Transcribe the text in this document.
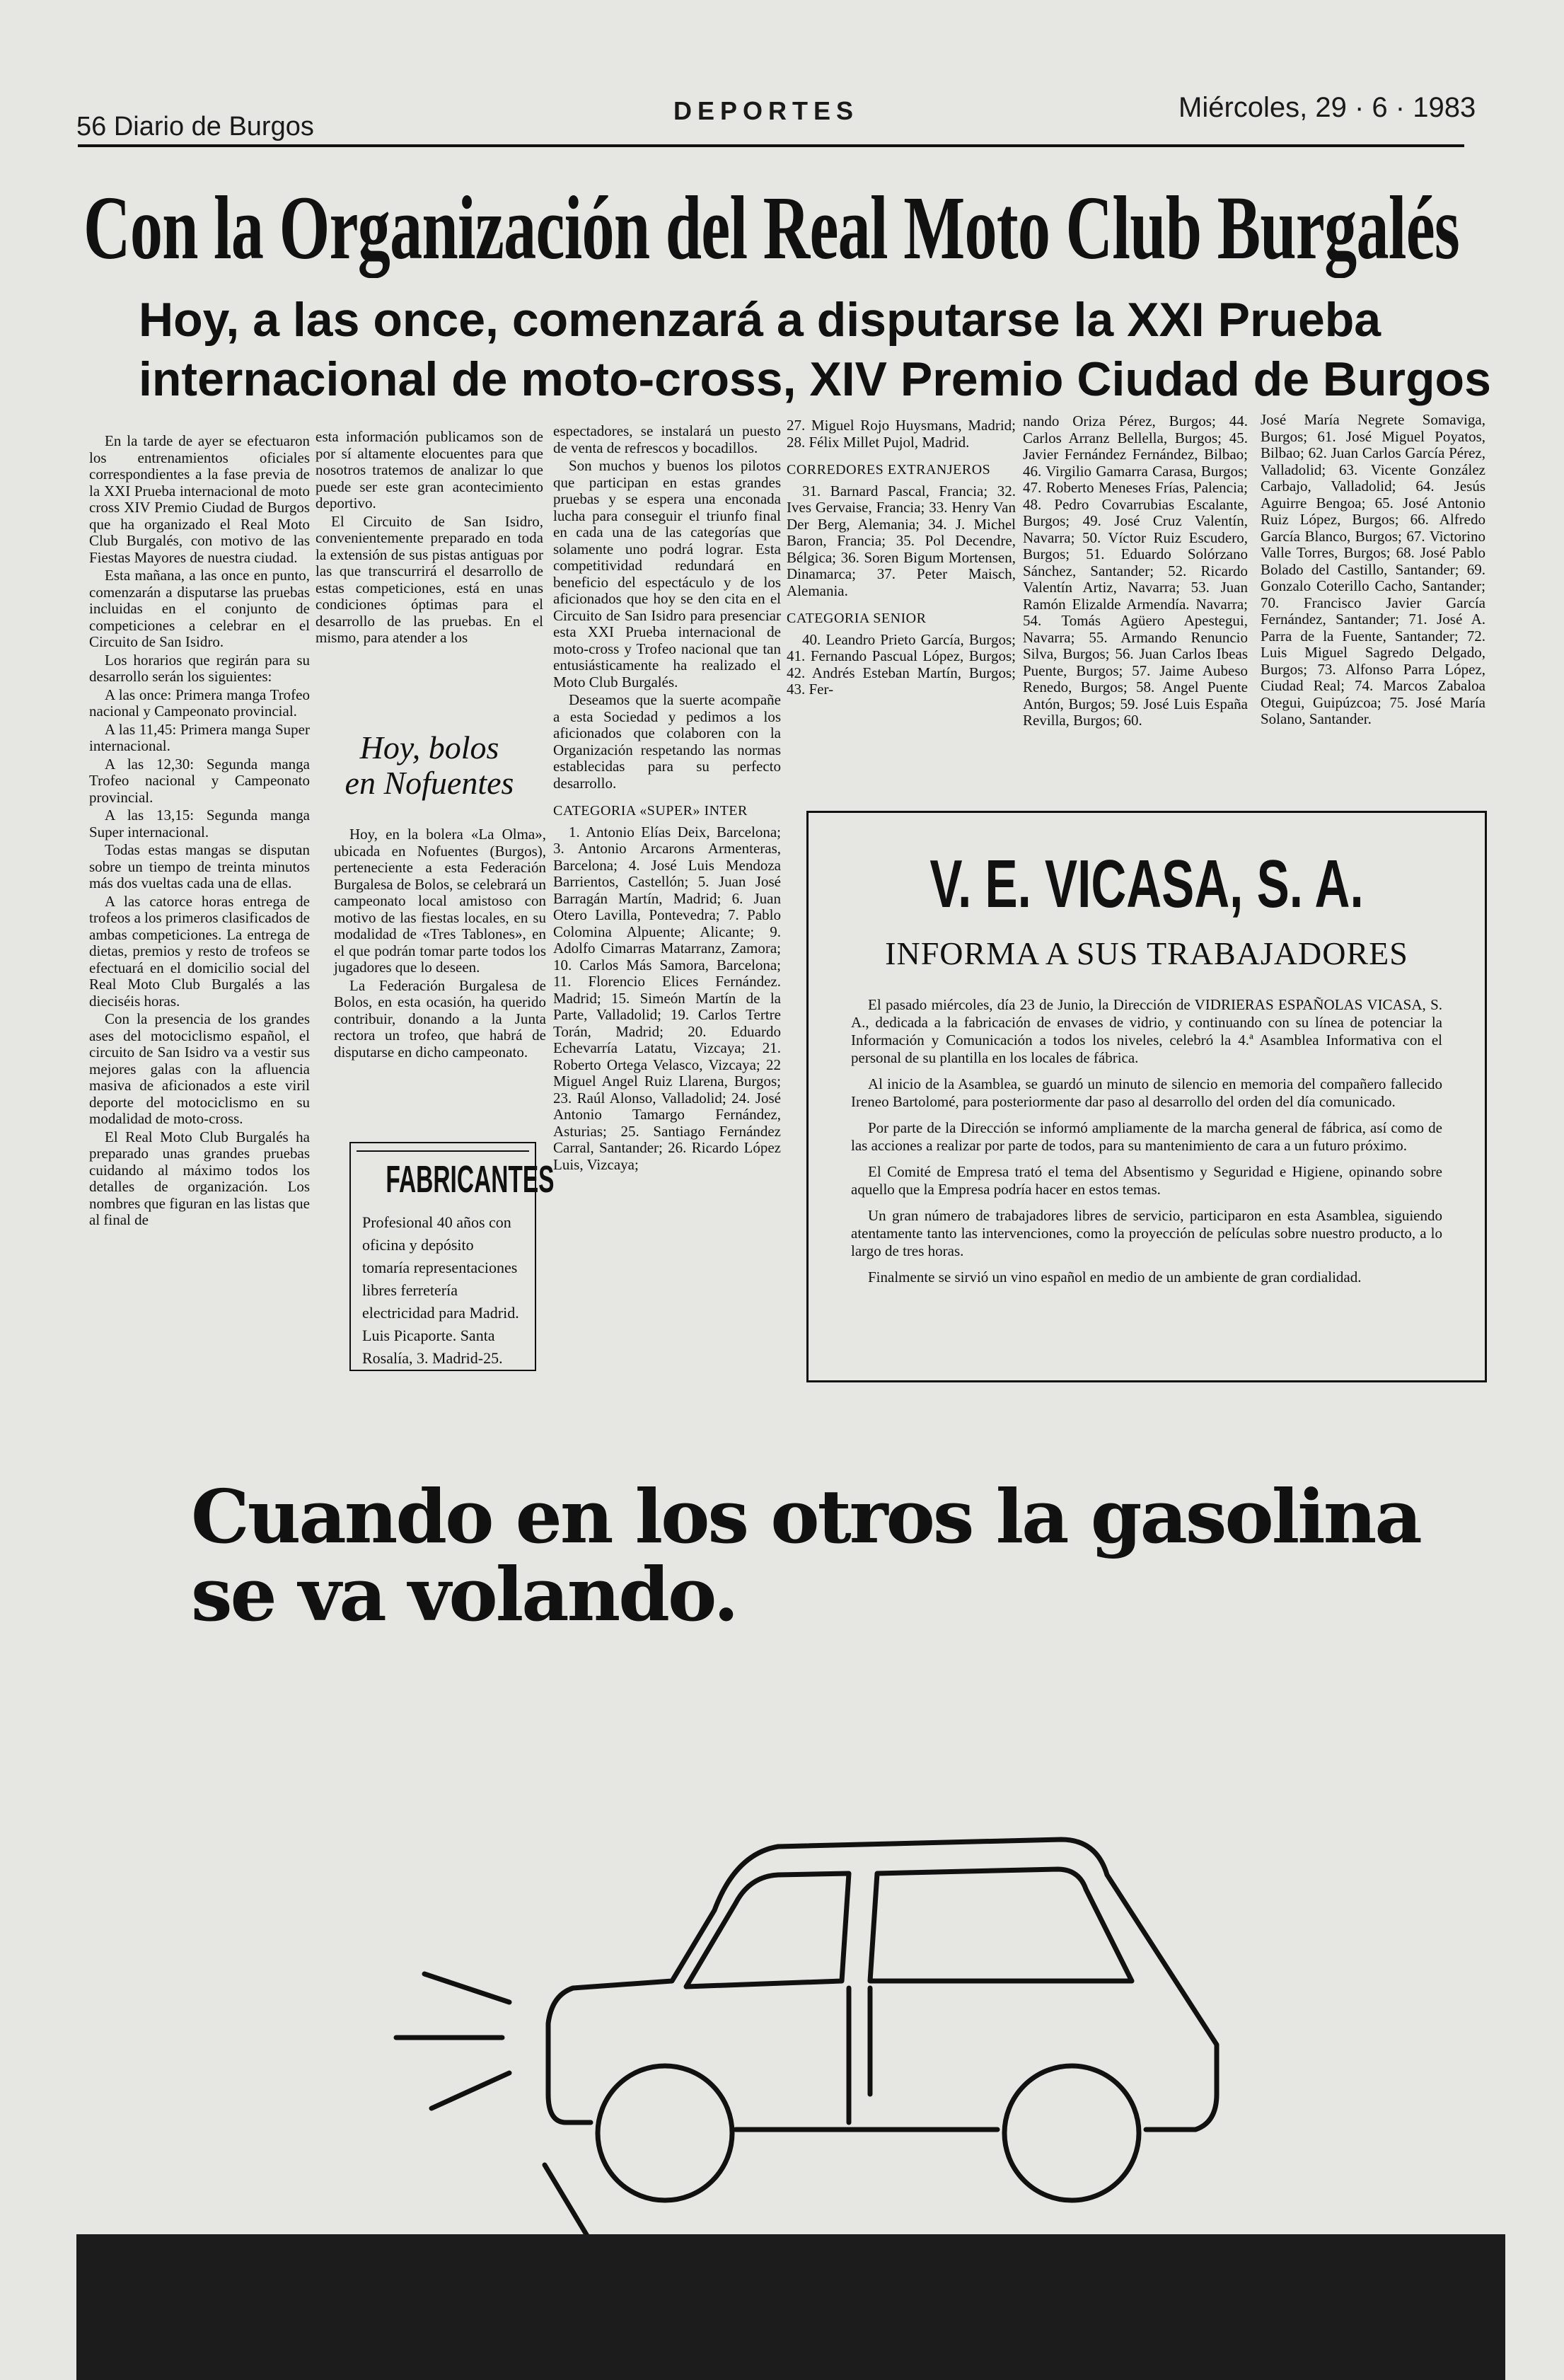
56 Diario de Burgos
DEPORTES	Miércoles, 29 · 6 · 1983
Con la Organización del Real Moto Club Burgalés
Hoy, a las once, comenzará a disputarse la XXI Prueba
internacional de moto-cross, XIV Premio Ciudad de Burgos

En la tarde de ayer se efectuaron los entrenamientos oficiales correspondientes a la fase previa de la XXI Prueba internacional de moto cross XIV Premio Ciudad de Burgos que ha organizado el Real Moto Club Burgalés, con motivo de las Fiestas Mayores de nuestra ciudad.

Esta mañana, a las once en punto, comenzarán a disputarse las pruebas incluidas en el conjunto de competiciones a celebrar en el Circuito de San Isidro.

Los horarios que regirán para su desarrollo serán los siguientes:

A las once: Primera manga Trofeo nacional y Campeonato provincial.

A las 11,45: Primera manga Super internacional.

A las 12,30: Segunda manga Trofeo nacional y Campeonato provincial.

A las 13,15: Segunda manga Super internacional.

Todas estas mangas se disputan sobre un tiempo de treinta minutos más dos vueltas cada una de ellas.

A las catorce horas entrega de trofeos a los primeros clasificados de ambas competiciones. La entrega de dietas, premios y resto de trofeos se efectuará en el domicilio social del Real Moto Club Burgalés a las dieciséis horas.

Con la presencia de los grandes ases del motociclismo español, el circuito de San Isidro va a vestir sus mejores galas con la afluencia masiva de aficionados a este viril deporte del motociclismo en su modalidad de moto-cross.

El Real Moto Club Burgalés ha preparado unas grandes pruebas cuidando al máximo todos los detalles de organización. Los nombres que figuran en las listas que al final de

esta información publicamos son de por sí altamente elocuentes para que nosotros tratemos de analizar lo que puede ser este gran acontecimiento deportivo.

El Circuito de San Isidro, convenientemente preparado en toda la extensión de sus pistas antiguas por las que transcurrirá el desarrollo de estas competiciones, está en unas condiciones óptimas para el desarrollo de las pruebas. En el mismo, para atender a los

Hoy, bolos
en Nofuentes

Hoy, en la bolera «La Olma», ubicada en Nofuentes (Burgos), perteneciente a esta Federación Burgalesa de Bolos, se celebrará un campeonato local amistoso con motivo de las fiestas locales, en su modalidad de «Tres Tablones», en el que podrán tomar parte todos los jugadores que lo deseen.

La Federación Burgalesa de Bolos, en esta ocasión, ha querido contribuir, donando a la Junta rectora un trofeo, que habrá de disputarse en dicho campeonato.

FABRICANTES
Profesional 40 años con oficina y depósito tomaría representaciones libres ferretería electricidad para Madrid. Luis Picaporte. Santa Rosalía, 3. Madrid-25.

espectadores, se instalará un puesto de venta de refrescos y bocadillos.

Son muchos y buenos los pilotos que participan en estas grandes pruebas y se espera una enconada lucha para conseguir el triunfo final en cada una de las categorías que solamente uno podrá lograr. Esta competitividad redundará en beneficio del espectáculo y de los aficionados que hoy se den cita en el Circuito de San Isidro para presenciar esta XXI Prueba internacional de moto-cross y Trofeo nacional que tan entusiásticamente ha realizado el Moto Club Burgalés.

Deseamos que la suerte acompañe a esta Sociedad y pedimos a los aficionados que colaboren con la Organización respetando las normas establecidas para su perfecto desarrollo.

CATEGORIA «SUPER» INTER

1. Antonio Elías Deix, Barcelona; 3. Antonio Arcarons Armenteras, Barcelona; 4. José Luis Mendoza Barrientos, Castellón; 5. Juan José Barragán Martín, Madrid; 6. Juan Otero Lavilla, Pontevedra; 7. Pablo Colomina Alpuente; Alicante; 9. Adolfo Cimarras Matarranz, Zamora; 10. Carlos Más Samora, Barcelona; 11. Florencio Elices Fernández. Madrid; 15. Simeón Martín de la Parte, Valladolid; 19. Carlos Tertre Torán, Madrid; 20. Eduardo Echevarría Latatu, Vizcaya; 21. Roberto Ortega Velasco, Vizcaya; 22 Miguel Angel Ruiz Llarena, Burgos; 23. Raúl Alonso, Valladolid; 24. José Antonio Tamargo Fernández, Asturias; 25. Santiago Fernández Carral, Santander; 26. Ricardo López Luis, Vizcaya;

27. Miguel Rojo Huysmans, Madrid; 28. Félix Millet Pujol, Madrid.

CORREDORES EXTRANJEROS

31. Barnard Pascal, Francia; 32. Ives Gervaise, Francia; 33. Henry Van Der Berg, Alemania; 34. J. Michel Baron, Francia; 35. Pol Decendre, Bélgica; 36. Soren Bigum Mortensen, Dinamarca; 37. Peter Maisch, Alemania.

CATEGORIA SENIOR

40. Leandro Prieto García, Burgos; 41. Fernando Pascual López, Burgos; 42. Andrés Esteban Martín, Burgos; 43. Fer-

nando Oriza Pérez, Burgos; 44. Carlos Arranz Bellella, Burgos; 45. Javier Fernández Fernández, Bilbao; 46. Virgilio Gamarra Carasa, Burgos; 47. Roberto Meneses Frías, Palencia; 48. Pedro Covarrubias Escalante, Burgos; 49. José Cruz Valentín, Navarra; 50. Víctor Ruiz Escudero, Burgos; 51. Eduardo Solórzano Sánchez, Santander; 52. Ricardo Valentín Artiz, Navarra; 53. Juan Ramón Elizalde Armendía. Navarra; 54. Tomás Agüero Apestegui, Navarra; 55. Armando Renuncio Silva, Burgos; 56. Juan Carlos Ibeas Puente, Burgos; 57. Jaime Aubeso Renedo, Burgos; 58. Angel Puente Antón, Burgos; 59. José Luis España Revilla, Burgos; 60.

José María Negrete Somaviga, Burgos; 61. José Miguel Poyatos, Bilbao; 62. Juan Carlos García Pérez, Valladolid; 63. Vicente González Carbajo, Valladolid; 64. Jesús Aguirre Bengoa; 65. José Antonio Ruiz López, Burgos; 66. Alfredo García Blanco, Burgos; 67. Victorino Valle Torres, Burgos; 68. José Pablo Bolado del Castillo, Santander; 69. Gonzalo Coterillo Cacho, Santander; 70. Francisco Javier García Fernández, Santander; 71. José A. Parra de la Fuente, Santander; 72. Luis Miguel Sagredo Delgado, Burgos; 73. Alfonso Parra López, Ciudad Real; 74. Marcos Zabaloa Otegui, Guipúzcoa; 75. José María Solano, Santander.

V. E. VICASA, S. A.
INFORMA A SUS TRABAJADORES

El pasado miércoles, día 23 de Junio, la Dirección de VIDRIERAS ESPAÑOLAS VICASA, S. A., dedicada a la fabricación de envases de vidrio, y continuando con su línea de potenciar la Información y Comunicación a todos los niveles, celebró la 4.ª Asamblea Informativa con el personal de su plantilla en los locales de fábrica.

Al inicio de la Asamblea, se guardó un minuto de silencio en memoria del compañero fallecido Ireneo Bartolomé, para posteriormente dar paso al desarrollo del orden del día comunicado.

Por parte de la Dirección se informó ampliamente de la marcha general de fábrica, así como de las acciones a realizar por parte de todos, para su mantenimiento de cara a un futuro próximo.

El Comité de Empresa trató el tema del Absentismo y Seguridad e Higiene, opinando sobre aquello que la Empresa podría hacer en estos temas.

Un gran número de trabajadores libres de servicio, participaron en esta Asamblea, siguiendo atentamente tanto las intervenciones, como la proyección de películas sobre nuestro producto, a lo largo de tres horas.

Finalmente se sirvió un vino español en medio de un ambiente de gran cordialidad.

Cuando en los otros la gasolina
se va volando.
